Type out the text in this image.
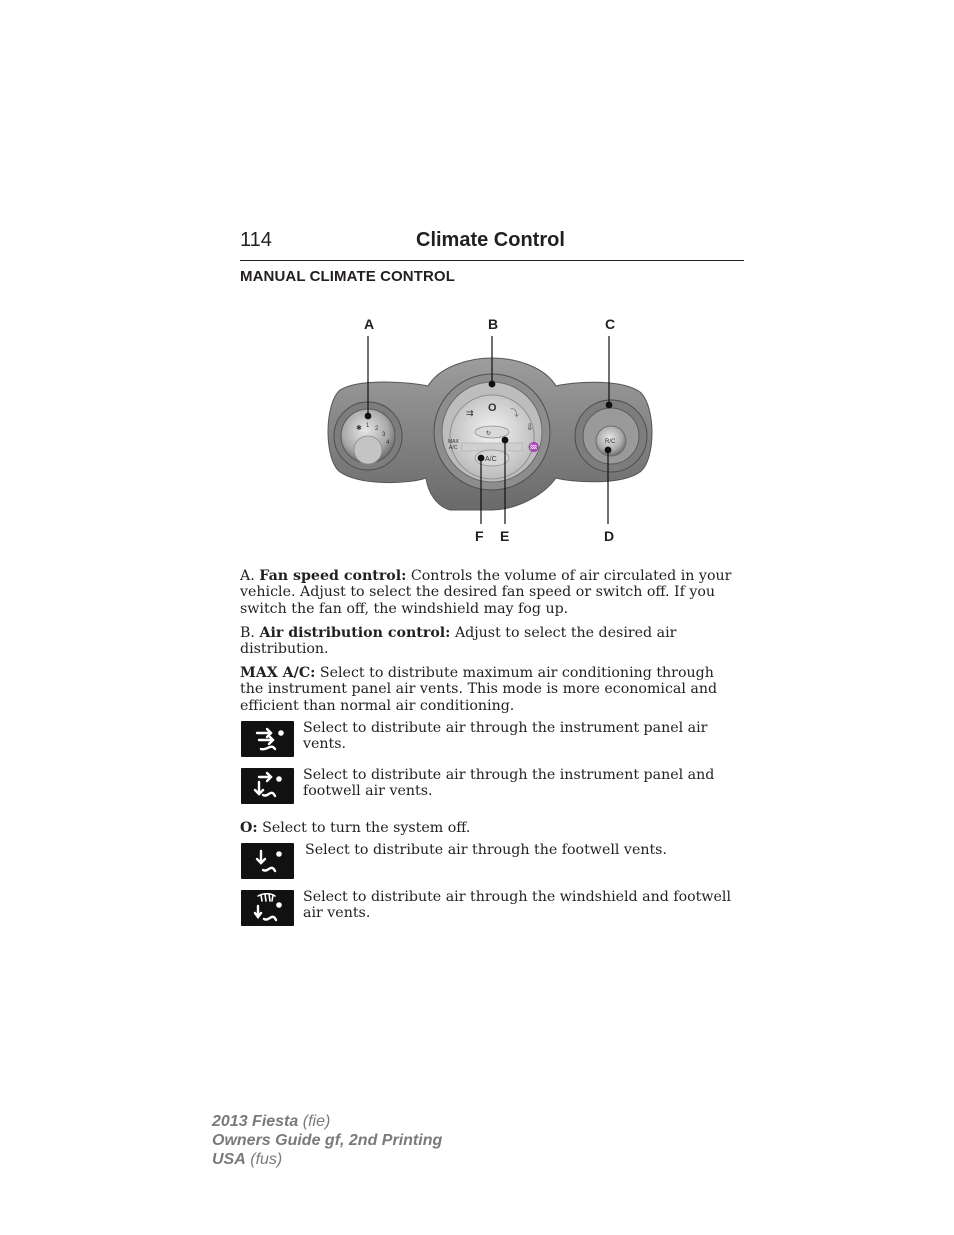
114	Climate Control
MANUAL CLIMATE CONTROL
✱ 1 2
3
4
O
⇉	⤵
⇩
♒
MAX
A/C
↻
A/C
R/C
A	B	C
F E	D

A. Fan speed control: Controls the volume of air circulated in your vehicle. Adjust to select the desired fan speed or switch off. If you switch the fan off, the windshield may fog up.

B. Air distribution control: Adjust to select the desired air distribution.

MAX A/C: Select to distribute maximum air conditioning through the instrument panel air vents. This mode is more economical and efficient than normal air conditioning.

Select to distribute air through the instrument panel air vents.

Select to distribute air through the instrument panel and footwell air vents.

O: Select to turn the system off.

Select to distribute air through the footwell vents.

Select to distribute air through the windshield and footwell air vents.

2013 Fiesta (fie)
Owners Guide gf, 2nd Printing
USA (fus)
